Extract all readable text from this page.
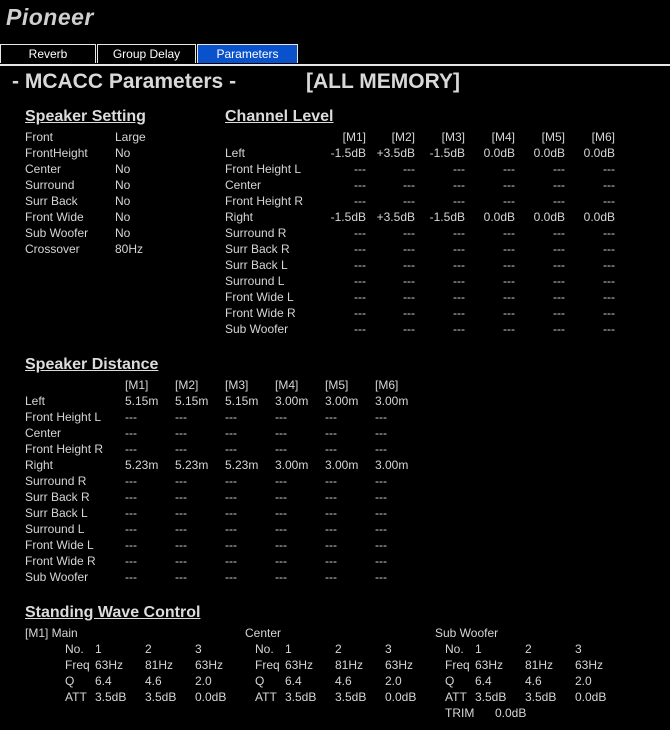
Pioneer
Reverb	Group Delay	Parameters
- MCACC Parameters -	[ALL MEMORY]
Speaker Setting
Front	Large
FrontHeight No
Center	No
Surround	No
Surr Back	No
Front Wide	No
Sub Woofer No
Crossover	80Hz
Channel Level
[M1]	[M2]	[M3]	[M4]	[M5]	[M6]
Left	-1.5dB +3.5dB	-1.5dB	0.0dB	0.0dB	0.0dB
Front Height L	---	---	---	---	---	---
Center	---	---	---	---	---	---
Front Height R	---	---	---	---	---	---
Right	-1.5dB +3.5dB	-1.5dB	0.0dB	0.0dB	0.0dB
Surround R	---	---	---	---	---	---
Surr Back R	---	---	---	---	---	---
Surr Back L	---	---	---	---	---	---
Surround L	---	---	---	---	---	---
Front Wide L	---	---	---	---	---	---
Front Wide R	---	---	---	---	---	---
Sub Woofer	---	---	---	---	---	---
Speaker Distance
[M1] [M2] [M3] [M4] [M5] [M6]
Left	5.15m 5.15m 5.15m 3.00m 3.00m 3.00m
Front Height L ---	---	---	---	---	---
Center	---	---	---	---	---	---
Front Height R ---	---	---	---	---	---
Right	5.23m 5.23m 5.23m 3.00m 3.00m 3.00m
Surround R	---	---	---	---	---	---
Surr Back R	---	---	---	---	---	---
Surr Back L	---	---	---	---	---	---
Surround L	---	---	---	---	---	---
Front Wide L	---	---	---	---	---	---
Front Wide R ---	---	---	---	---	---
Sub Woofer	---	---	---	---	---	---
Standing Wave Control
[M1] Main
No. 1	2	3
Freq 63Hz 81Hz 63Hz
Q 6.4	4.6	2.0
ATT 3.5dB 3.5dB 0.0dB
Center
No. 1	2	3
Freq 63Hz 81Hz 63Hz
Q 6.4	4.6	2.0
ATT 3.5dB 3.5dB 0.0dB
Sub Woofer
No. 1	2	3
Freq 63Hz 81Hz 63Hz
Q 6.4	4.6	2.0
ATT 3.5dB 3.5dB 0.0dB
TRIM 0.0dB
